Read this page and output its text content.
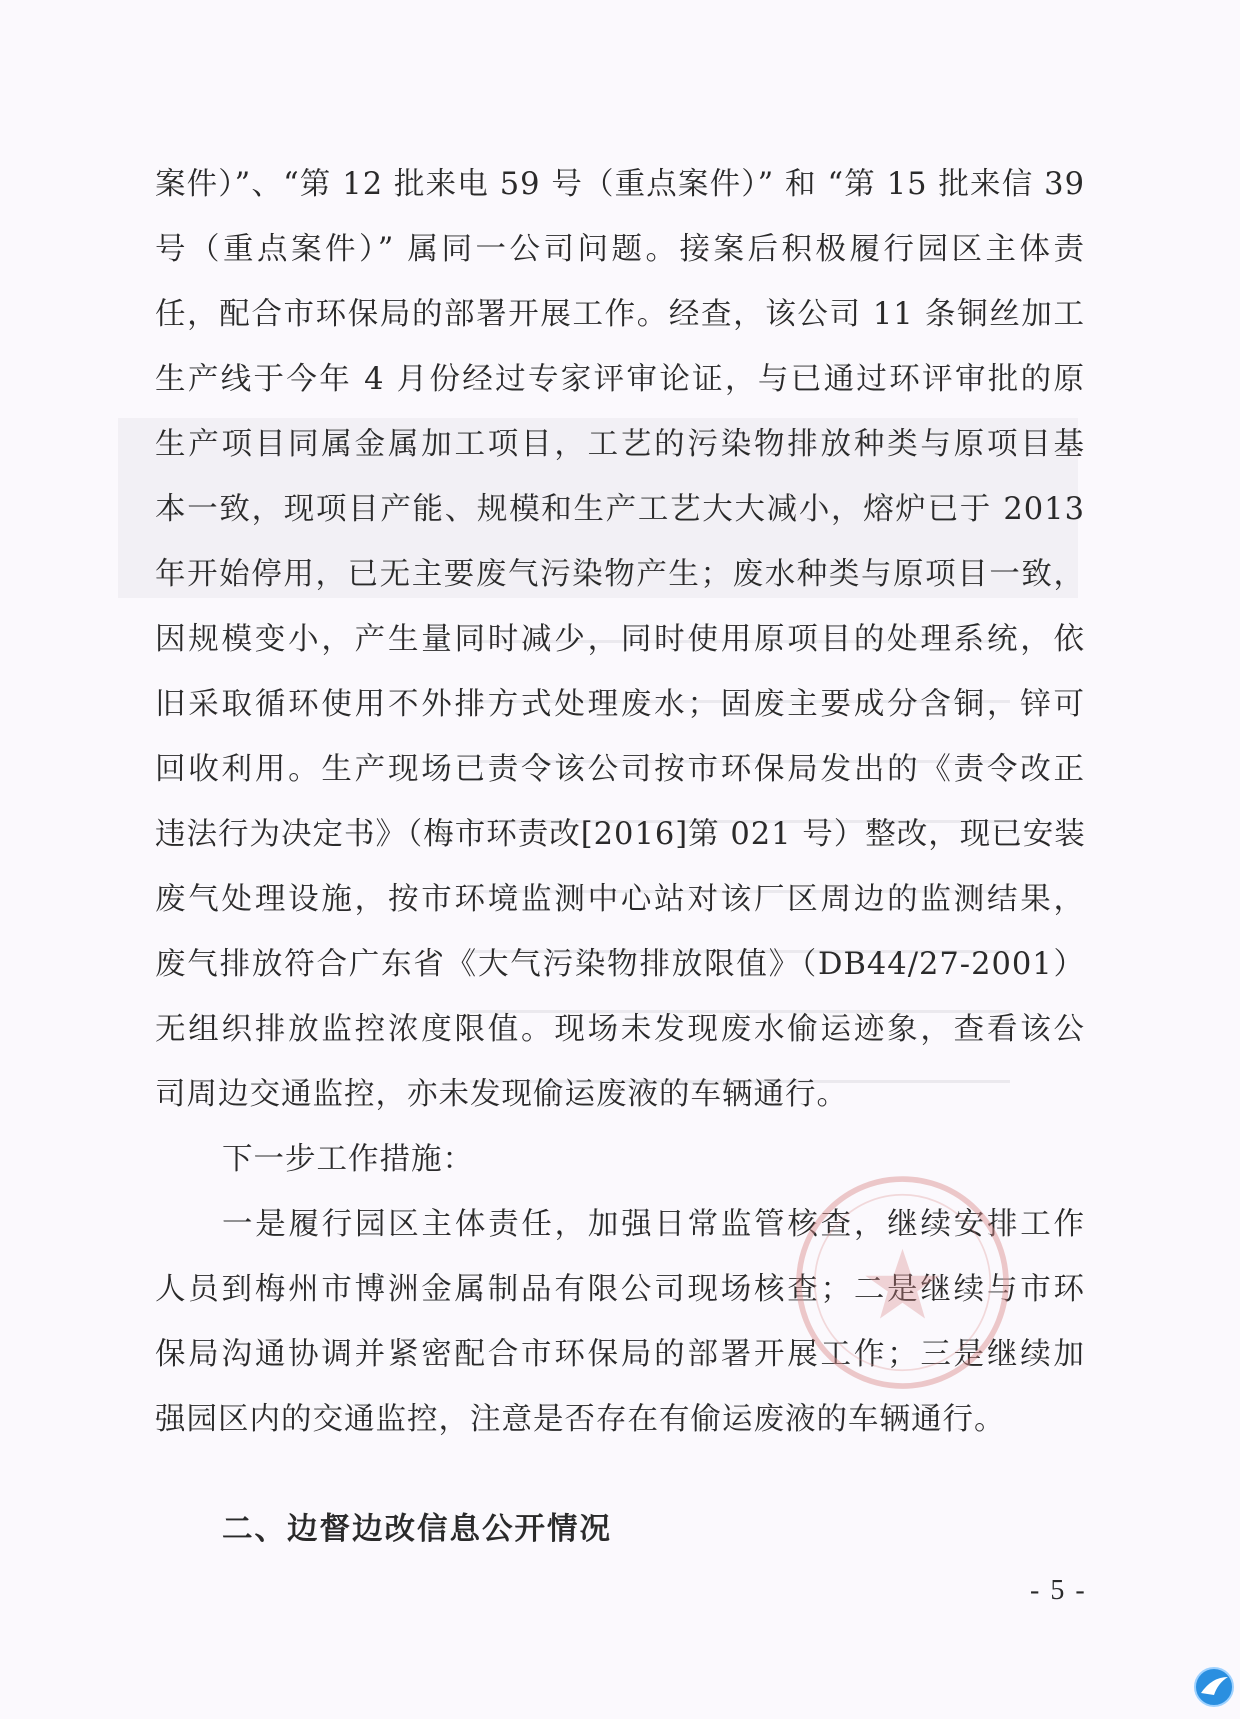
案件）”、“第 12 批来电 59 号（重点案件）” 和 “第 15 批来信 39
号（重点案件）” 属同一公司问题。接案后积极履行园区主体责
任，配合市环保局的部署开展工作。经查，该公司 11 条铜丝加工
生产线于今年 4 月份经过专家评审论证，与已通过环评审批的原
生产项目同属金属加工项目，工艺的污染物排放种类与原项目基
本一致，现项目产能、规模和生产工艺大大减小，熔炉已于 2013
年开始停用，已无主要废气污染物产生；废水种类与原项目一致，
因规模变小，产生量同时减少，同时使用原项目的处理系统，依
旧采取循环使用不外排方式处理废水；固废主要成分含铜，锌可
回收利用。生产现场已责令该公司按市环保局发出的《责令改正
违法行为决定书》（梅市环责改[2016]第 021 号）整改，现已安装
废气处理设施，按市环境监测中心站对该厂区周边的监测结果，
废气排放符合广东省《大气污染物排放限值》（DB44/27-2001）
无组织排放监控浓度限值。现场未发现废水偷运迹象，查看该公
司周边交通监控，亦未发现偷运废液的车辆通行。
下一步工作措施：
一是履行园区主体责任，加强日常监管核查，继续安排工作
人员到梅州市博洲金属制品有限公司现场核查；二是继续与市环
保局沟通协调并紧密配合市环保局的部署开展工作；三是继续加
强园区内的交通监控，注意是否存在有偷运废液的车辆通行。
二、边督边改信息公开情况
- 5 -
